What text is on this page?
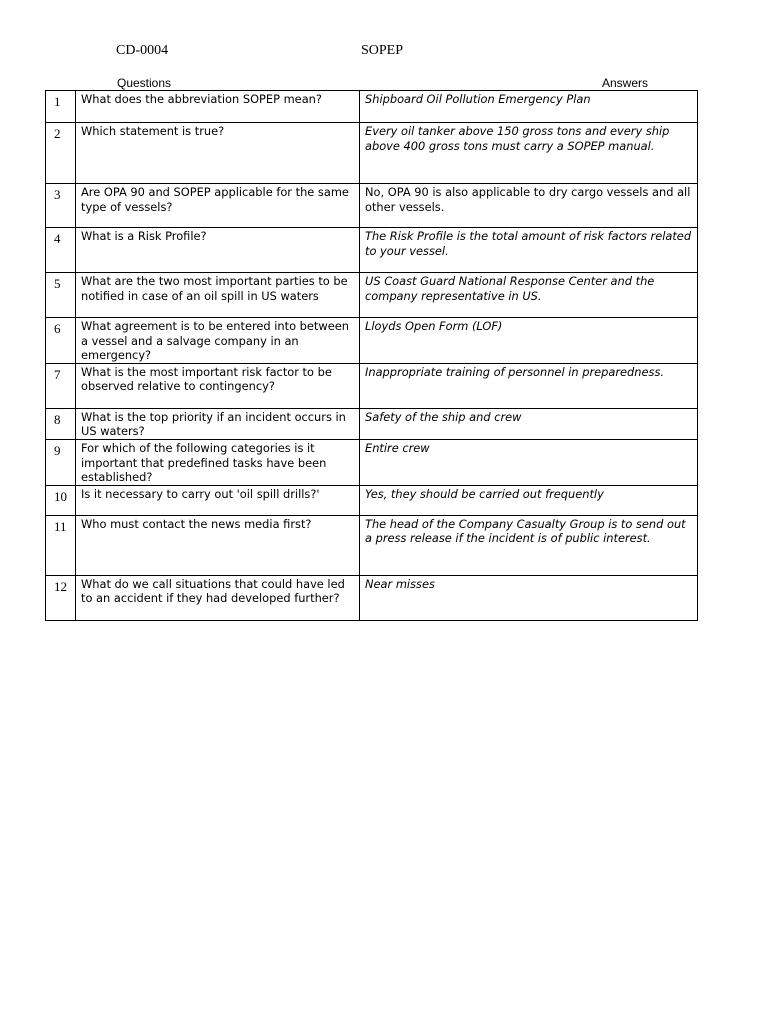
CD-0004	SOPEP
Questions	Answers
1	What does the abbreviation SOPEP mean?	Shipboard Oil Pollution Emergency Plan
2	Which statement is true?	Every oil tanker above 150 gross tons and every ship above 400 gross tons must carry a SOPEP manual.
3	Are OPA 90 and SOPEP applicable for the same type of vessels?	No, OPA 90 is also applicable to dry cargo vessels and all other vessels.
4	What is a Risk Profile?	The Risk Profile is the total amount of risk factors related to your vessel.
5	What are the two most important parties to be notified in case of an oil spill in US waters	US Coast Guard National Response Center and the company representative in US.
6	What agreement is to be entered into between a vessel and a salvage company in an emergency?	Lloyds Open Form (LOF)
7	What is the most important risk factor to be observed relative to contingency?	Inappropriate training of personnel in preparedness.
8	What is the top priority if an incident occurs in US waters?	Safety of the ship and crew
9	For which of the following categories is it important that predefined tasks have been established?	Entire crew
10	Is it necessary to carry out 'oil spill drills?'	Yes, they should be carried out frequently
11	Who must contact the news media first?	The head of the Company Casualty Group is to send out a press release if the incident is of public interest.
12	What do we call situations that could have led to an accident if they had developed further?	Near misses
